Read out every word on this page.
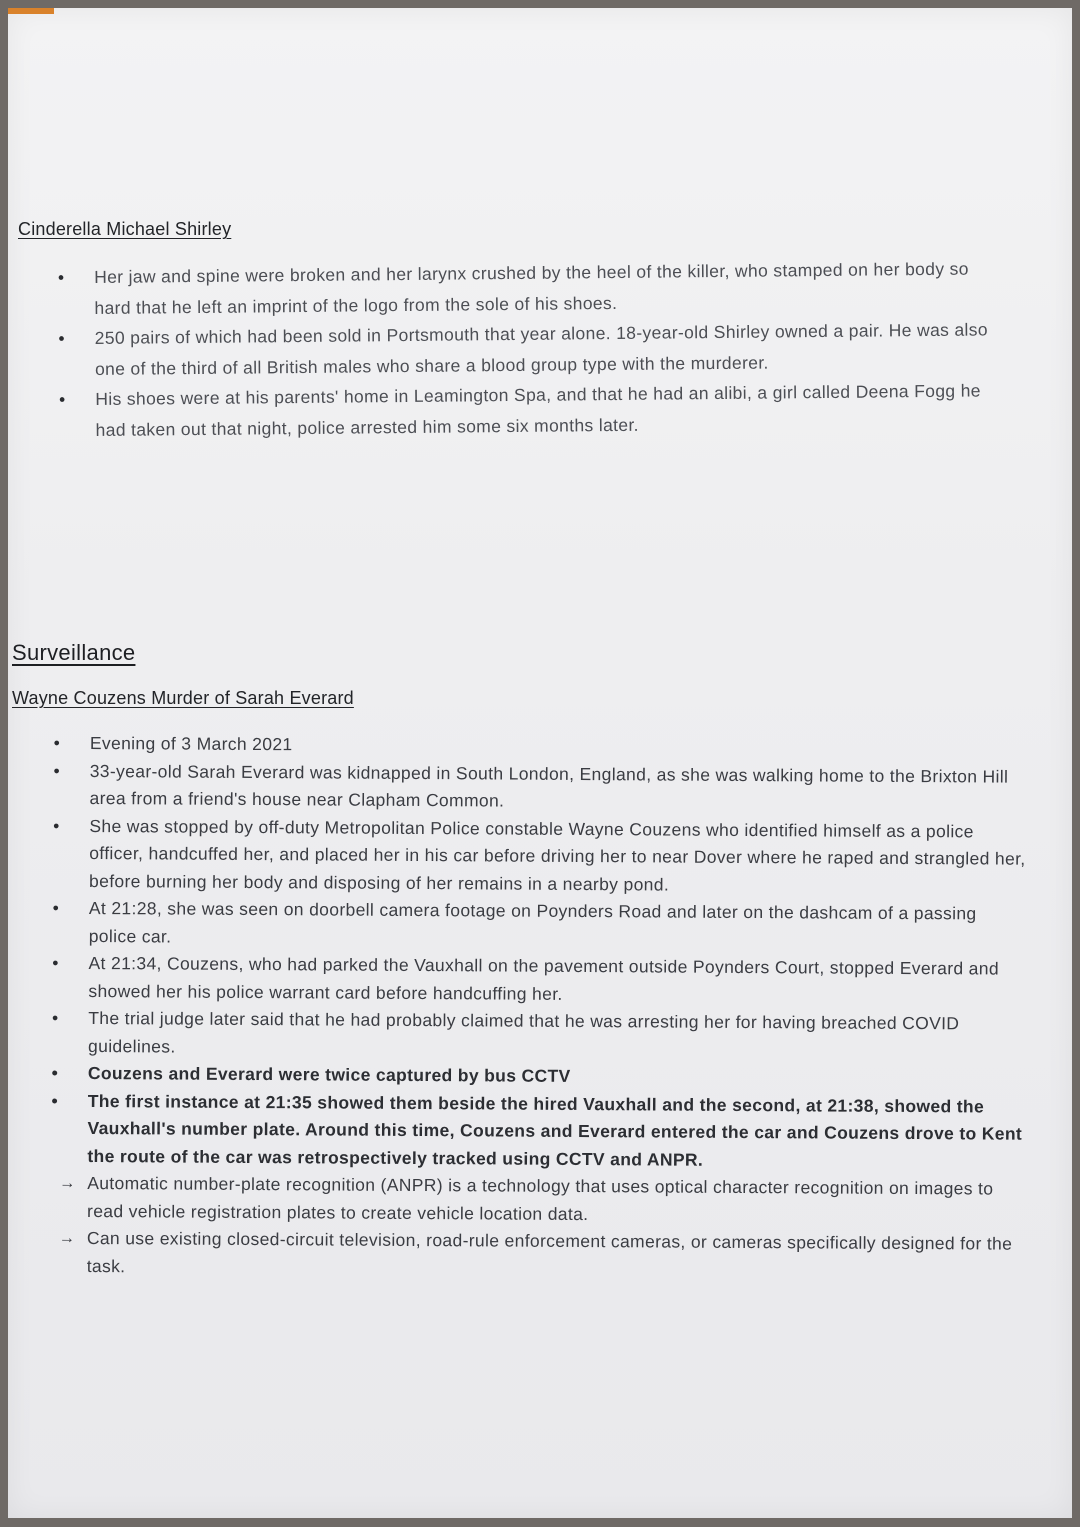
Cinderella Michael Shirley
• Her jaw and spine were broken and her larynx crushed by the heel of the killer, who stamped on her body so hard that he left an imprint of the logo from the sole of his shoes.
• 250 pairs of which had been sold in Portsmouth that year alone. 18-year-old Shirley owned a pair. He was also one of the third of all British males who share a blood group type with the murderer.
• His shoes were at his parents' home in Leamington Spa, and that he had an alibi, a girl called Deena Fogg he had taken out that night, police arrested him some six months later.
Surveillance
Wayne Couzens Murder of Sarah Everard
• Evening of 3 March 2021
• 33-year-old Sarah Everard was kidnapped in South London, England, as she was walking home to the Brixton Hill area from a friend's house near Clapham Common.
• She was stopped by off-duty Metropolitan Police constable Wayne Couzens who identified himself as a police officer, handcuffed her, and placed her in his car before driving her to near Dover where he raped and strangled her, before burning her body and disposing of her remains in a nearby pond.
• At 21:28, she was seen on doorbell camera footage on Poynders Road and later on the dashcam of a passing police car.
• At 21:34, Couzens, who had parked the Vauxhall on the pavement outside Poynders Court, stopped Everard and showed her his police warrant card before handcuffing her.
• The trial judge later said that he had probably claimed that he was arresting her for having breached COVID guidelines.
• Couzens and Everard were twice captured by bus CCTV
• The first instance at 21:35 showed them beside the hired Vauxhall and the second, at 21:38, showed the Vauxhall's number plate. Around this time, Couzens and Everard entered the car and Couzens drove to Kent the route of the car was retrospectively tracked using CCTV and ANPR.
→ Automatic number-plate recognition (ANPR) is a technology that uses optical character recognition on images to read vehicle registration plates to create vehicle location data.
→ Can use existing closed-circuit television, road-rule enforcement cameras, or cameras specifically designed for the task.
